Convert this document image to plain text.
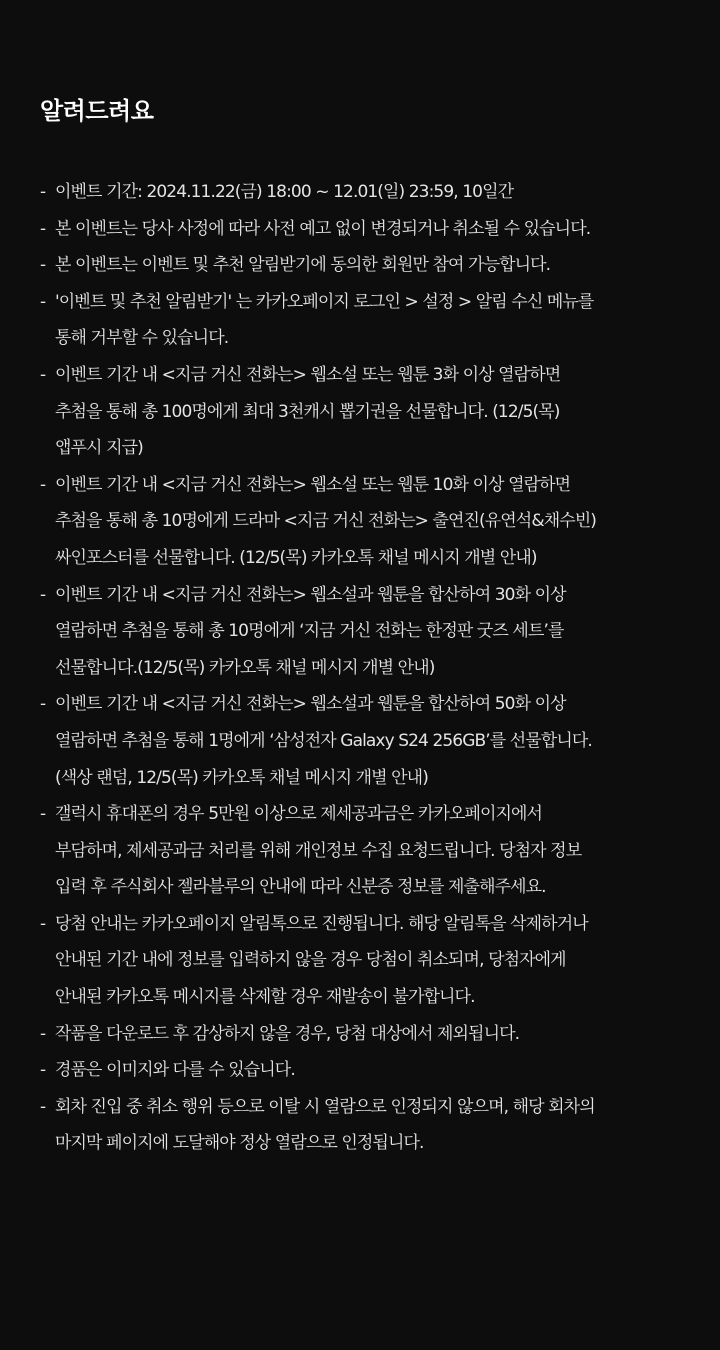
알려드려요
- 이벤트 기간: 2024.11.22(금) 18:00 ~ 12.01(일) 23:59, 10일간
- 본 이벤트는 당사 사정에 따라 사전 예고 없이 변경되거나 취소될 수 있습니다.
- 본 이벤트는 이벤트 및 추천 알림받기에 동의한 회원만 참여 가능합니다.
- '이벤트 및 추천 알림받기' 는 카카오페이지 로그인 > 설정 > 알림 수신 메뉴를
통해 거부할 수 있습니다.
- 이벤트 기간 내 <지금 거신 전화는> 웹소설 또는 웹툰 3화 이상 열람하면
추첨을 통해 총 100명에게 최대 3천캐시 뽑기권을 선물합니다. (12/5(목)
앱푸시 지급)
- 이벤트 기간 내 <지금 거신 전화는> 웹소설 또는 웹툰 10화 이상 열람하면
추첨을 통해 총 10명에게 드라마 <지금 거신 전화는> 출연진(유연석&채수빈)
싸인포스터를 선물합니다. (12/5(목) 카카오톡 채널 메시지 개별 안내)
- 이벤트 기간 내 <지금 거신 전화는> 웹소설과 웹툰을 합산하여 30화 이상
열람하면 추첨을 통해 총 10명에게 ‘지금 거신 전화는 한정판 굿즈 세트’를
선물합니다.(12/5(목) 카카오톡 채널 메시지 개별 안내)
- 이벤트 기간 내 <지금 거신 전화는> 웹소설과 웹툰을 합산하여 50화 이상
열람하면 추첨을 통해 1명에게 ‘삼성전자 Galaxy S24 256GB’를 선물합니다.
(색상 랜덤, 12/5(목) 카카오톡 채널 메시지 개별 안내)
- 갤럭시 휴대폰의 경우 5만원 이상으로 제세공과금은 카카오페이지에서
부담하며, 제세공과금 처리를 위해 개인정보 수집 요청드립니다. 당첨자 정보
입력 후 주식회사 젤라블루의 안내에 따라 신분증 정보를 제출해주세요.
- 당첨 안내는 카카오페이지 알림톡으로 진행됩니다. 해당 알림톡을 삭제하거나
안내된 기간 내에 정보를 입력하지 않을 경우 당첨이 취소되며, 당첨자에게
안내된 카카오톡 메시지를 삭제할 경우 재발송이 불가합니다.
- 작품을 다운로드 후 감상하지 않을 경우, 당첨 대상에서 제외됩니다.
- 경품은 이미지와 다를 수 있습니다.
- 회차 진입 중 취소 행위 등으로 이탈 시 열람으로 인정되지 않으며, 해당 회차의
마지막 페이지에 도달해야 정상 열람으로 인정됩니다.
